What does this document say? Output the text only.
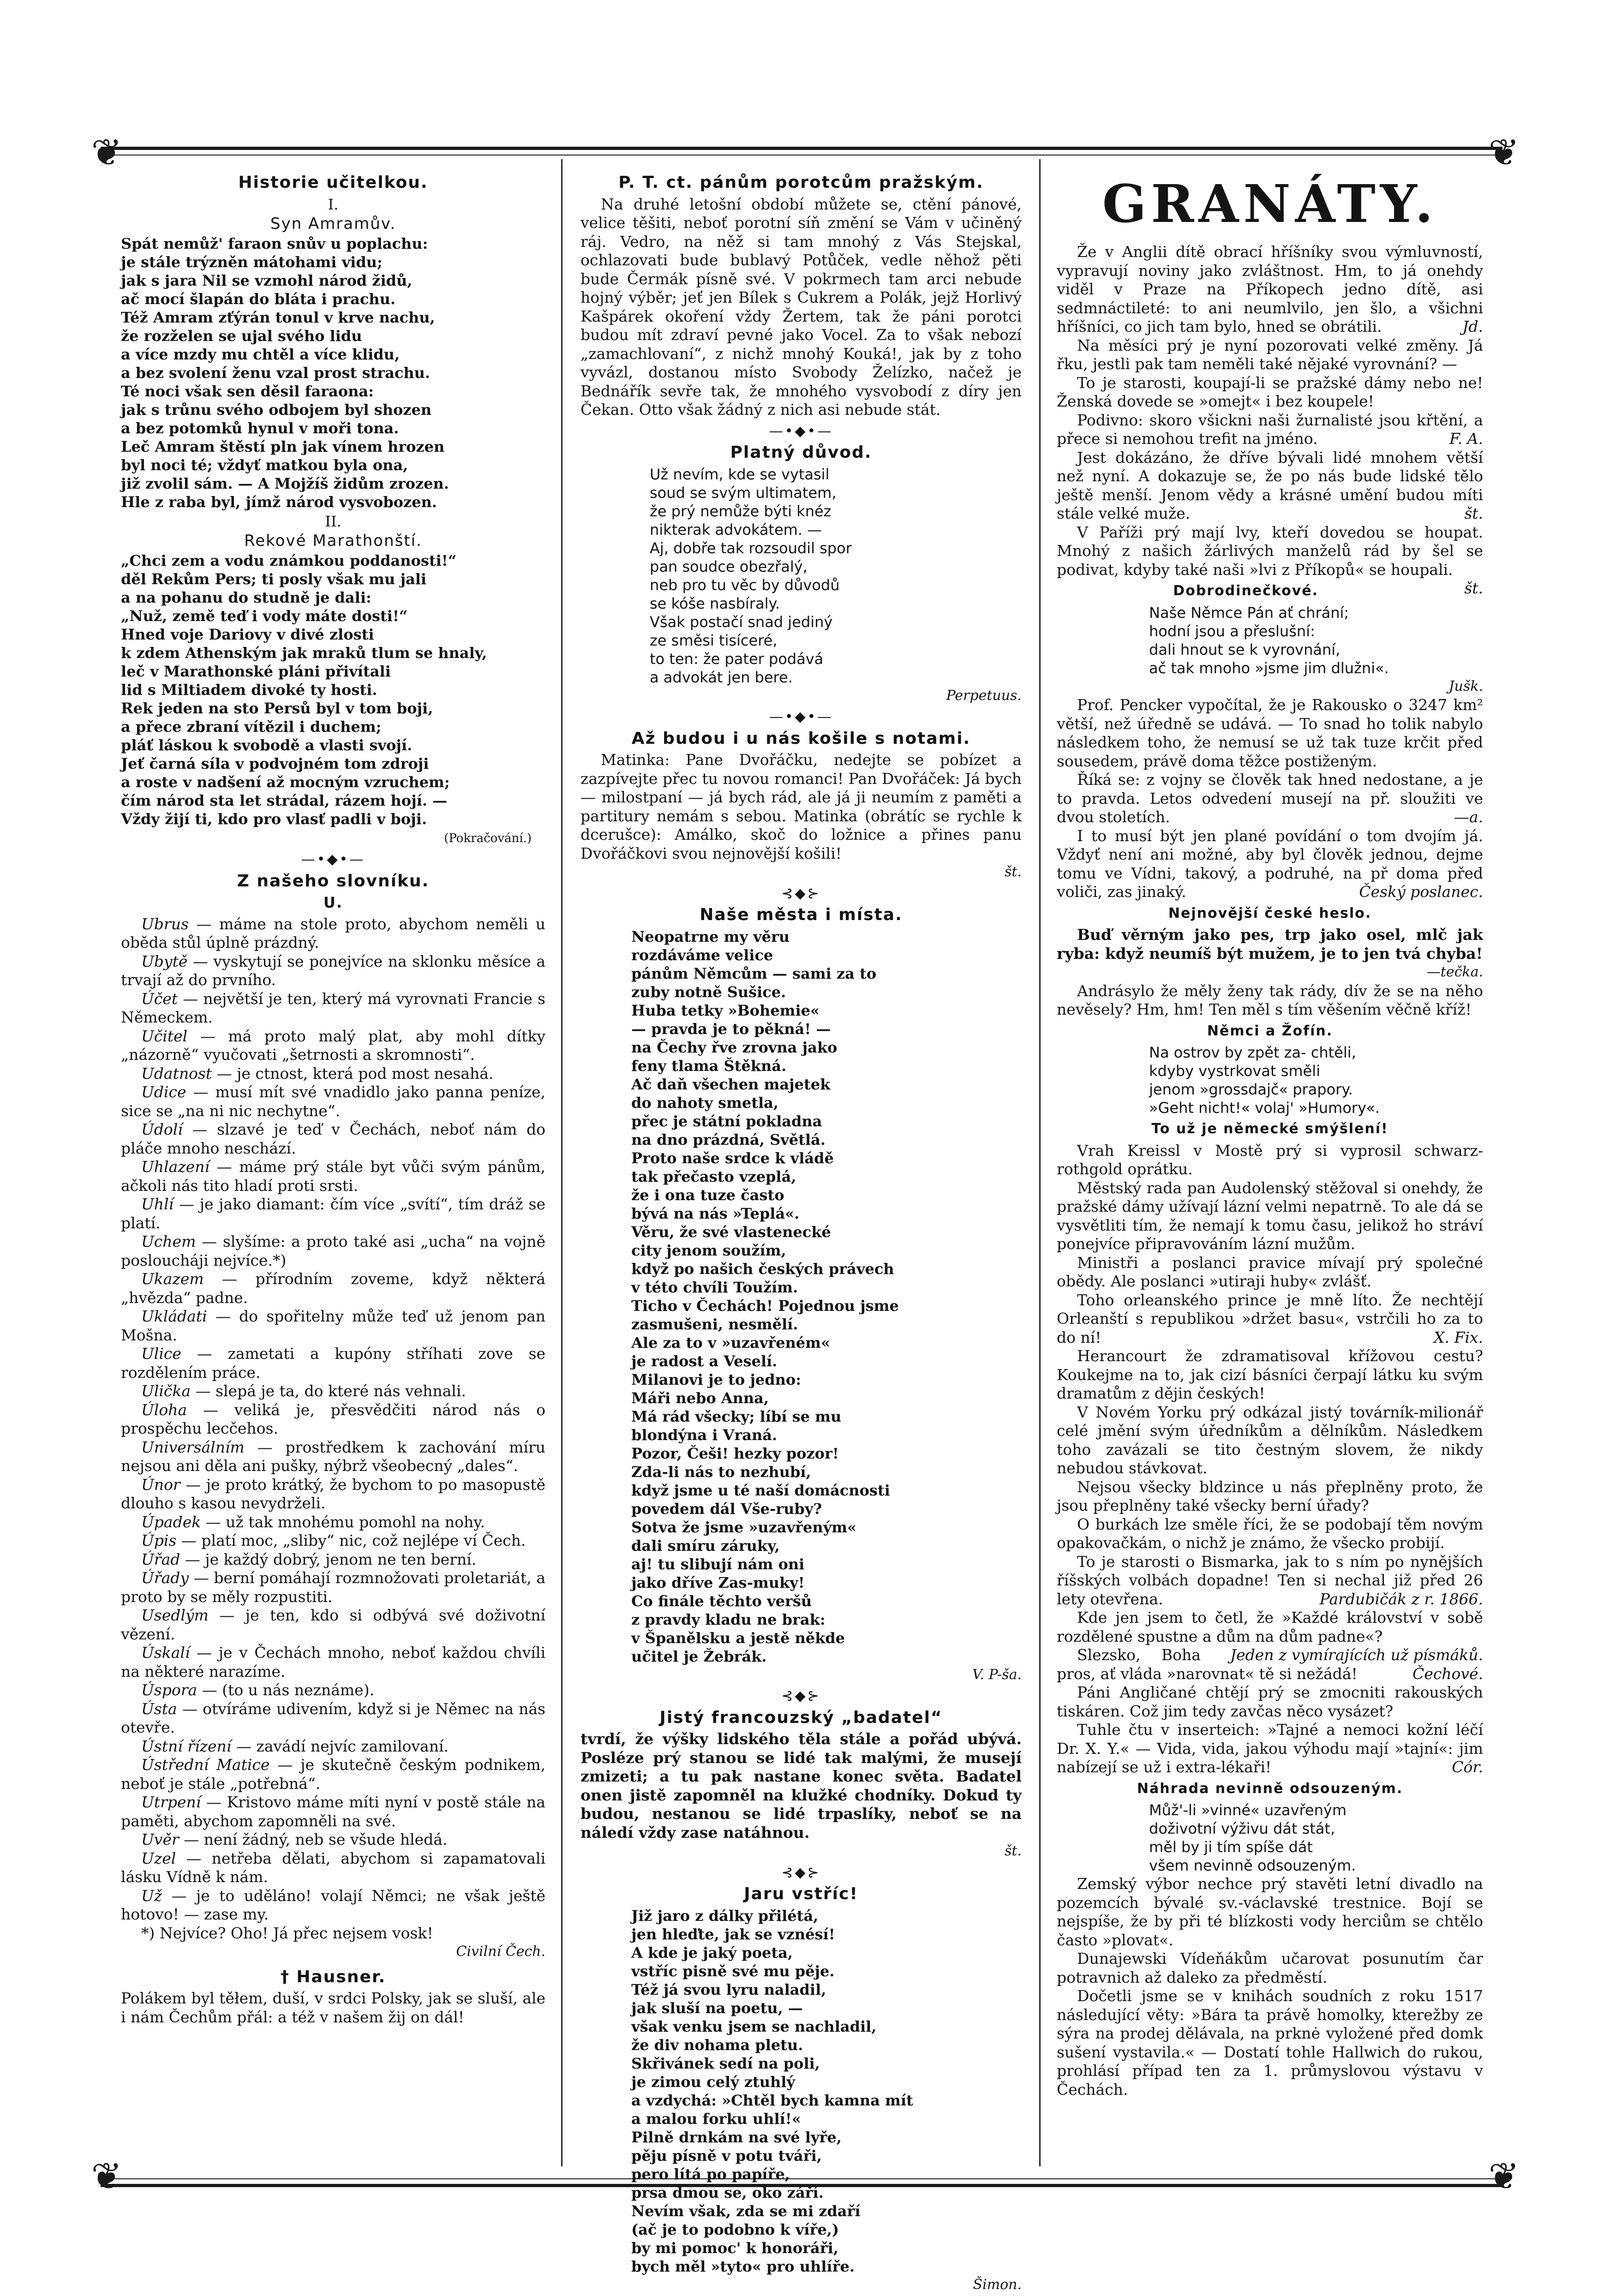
❦	❦
❦	❦
Historie učitelkou.
I.
Syn Amramův.

Spát nemůž' faraon snův u poplachu:

je stále trýzněn mátohami vidu;

jak s jara Nil se vzmohl národ židů,

ač mocí šlapán do bláta i prachu.

Též Amram zťýrán tonul v krve nachu,

že rozželen se ujal svého lidu

a více mzdy mu chtěl a více klidu,

a bez svolení ženu vzal prost strachu.

Té noci však sen děsil faraona:

jak s trůnu svého odbojem byl shozen

a bez potomků hynul v moři tona.

Leč Amram štěstí pln jak vínem hrozen

byl noci té; vždyť matkou byla ona,

již zvolil sám. — A Mojžíš židům zrozen.

Hle z raba byl, jímž národ vysvobozen.

II.
Rekové Marathonští.

„Chci zem a vodu známkou poddanosti!“

děl Rekům Pers; ti posly však mu jali

a na pohanu do studně je dali:

„Nuž, země teď i vody máte dosti!“

Hned voje Dariovy v divé zlosti

k zdem Athenským jak mraků tlum se hnaly,

leč v Marathonské pláni přivítali

lid s Miltiadem divoké ty hosti.

Rek jeden na sto Persů byl v tom boji,

a přece zbraní vítězil i duchem;

pláť láskou k svobodě a vlasti svojí.

Jeť čarná síla v podvojném tom zdroji

a roste v nadšení až mocným vzruchem;

čím národ sta let strádal, rázem hojí. —

Vždy žijí ti, kdo pro vlasť padli v boji.

(Pokračování.)
—•◆•—
Z našeho slovníku.
U.

Ubrus — máme na stole proto, abychom neměli u obědа stůl úplně prázdný.

Ubytě — vyskytují se ponejvíce na sklonku měsíce a trvají až do prvního.

Účet — největší je ten, který má vyrovnati Francie s Německem.

Učitel — má proto malý plat, aby mohl dítky „názorně“ vyučovati „šetrnosti a skromnosti“.

Udatnost — je ctnost, která pod most nesahá.

Udice — musí mít své vnadidlo jako panna peníze, sice se „na ni nic nechytne“.

Údolí — slzavé je teď v Čechách, neboť nám do pláče mnoho neschází.

Uhlazení — máme prý stále byt vůči svým pánům, ačkoli nás tito hladí proti srsti.

Uhlí — je jako diamant: čím více „svítí“, tím dráž se platí.

Uchem — slyšíme: a proto také asi „ucha“ na vojně posloucháji nejvíce.*)

Ukazem — přírodním zoveme, když některá „hvězda“ padne.

Ukládati — do spořitelny může teď už jenom pan Mošna.

Ulice — zametati a kupóny stříhati zove se rozdělením práce.

Ulička — slepá je ta, do které nás vehnali.

Úloha — veliká je, přesvědčiti národ nás o prospěchu lecčehos.

Universálním — prostředkem k zachování míru nejsou ani děla ani pušky, nýbrž všeobecný „dales“.

Únor — je proto krátký, že bychom to po masopustě dlouho s kasou nevydrželi.

Úpadek — už tak mnohému pomohl na nohy.

Úpis — platí moc, „sliby“ nic, což nejlépe ví Čech.

Úřad — je každý dobrý, jenom ne ten berní.

Úřady — berní pomáhají rozmnožovati proletariát, a proto by se měly rozpustiti.

Usedlým — je ten, kdo si odbývá své doživotní vězení.

Úskalí — je v Čechách mnoho, neboť každou chvíli na některé narazíme.

Úspora — (to u nás neznáme).

Ústa — otvíráme udivením, když si je Němec na nás otevře.

Ústní řízení — zavádí nejvíc zamilovaní.

Ústřední Matice — je skutečně českým podnikem, neboť je stále „potřebná“.

Utrpení — Kristovo máme míti nyní v postě stále na paměti, abychom zapomněli na své.

Uvěr — není žádný, neb se všude hledá.

Uzel — netřeba dělati, abychom si zapamatovali lásku Vídně k nám.

Už — je to uděláno! volají Němci; ne však ještě hotovo! — zase my.

*) Nejvíce? Oho! Já přec nejsem vosk!

Civilní Čech.
† Hausner.

Polákem byl těłem, duší, v srdci Polsky, jak se sluší, ale i nám Čechům přál: a též v našem žij on dál!

P. T. ct. pánům porotcům pražským.

Na druhé letošní období můžete se, ctění pánové, velice těšiti, neboť porotní síň změní se Vám v učiněný ráj. Vedro, na něž si tam mnohý z Vás Stejskal, ochlazovati bude bublavý Potůček, vedle něhož pěti bude Čermák písně své. V pokrmech tam arci nebude hojný výběr; jeť jen Bílek s Cukrem a Polák, jejž Horlivý Kašpárek okoření vždy Žertem, tak že páni porotci budou mít zdraví pevné jako Vocel. Za to však nebozí „zamachlovaní“, z nichž mnohý Kouká!, jak by z toho vyvázl, dostanou místo Svobody Želízko, načež je Bednářík sevře tak, že mnohého vysvobodí z díry jen Čekan. Otto však žádný z nich asi nebude stát.

—•◆•—
Platný důvod.

Už nevím, kde se vytasil

soud se svým ultimatem,

že prý nemůže býti knéz

nikterak advokátem. —

Aj, dobře tak rozsoudil spor

pan soudce obezřalý,

neb pro tu věc by důvodů

se kóše nasbíraly.

Však postačí snad jediný

ze směsi tisíceré,

to ten: že pater podává

a advokát jen bere.

Perpetuus.
—•◆•—
Až budou i u nás košile s notami.

Matinka: Pane Dvořáčku, nedejte se pobízet a zazpívejte přec tu novou romanci! Pan Dvořáček: Já bych — milostpaní — já bych rád, ale já ji neumím z paměti a partitury nemám s sebou. Matinka (obrátíc se rychle k dcerušce): Amálko, skoč do ložnice a přines panu Dvořáčkovi svou nejnovější košili!

št.
⊰◆⊱
Naše města i místa.

Neopatrne my věru

rozdáváme velice

pánům Němcům — sami za to

zuby notně Sušice.

Huba tetky »Bohemie«

— pravda je to pěkná! —

na Čechy řve zrovna jako

feny tlama Štěkná.

Ač daň všechen majetek

do nahoty smetla,

přec je státní pokladna

na dno prázdná, Světlá.

Proto naše srdce k vládě

tak přečasto vzeplá,

že i ona tuze často

bývá na nás »Teplá«.

Věru, že své vlastenecké

city jenom soužím,

když po našich českých právech

v této chvíli Toužím.

Ticho v Čechách! Pojednou jsme

zasmušeni, nesmělí.

Ale za to v »uzavřeném«

je radost a Veselí.

Milanovi je to jedno:

Máři nebo Anna,

Má rád všecky; líbí se mu

blondýna i Vraná.

Pozor, Češi! hezky pozor!

Zda-li nás to nezhubí,

když jsme u té naší domácnosti

povedem dál Vše-ruby?

Sotva že jsme »uzavřeným«

dali smíru záruky,

aj! tu slibují nám oni

jako dříve Zas-muky!

Co finále těchto veršů

z pravdy kladu ne brak:

v Španělsku a jestě někde

učitel je Žebrák.

V. P-ša.
⊰◆⊱
Jistý francouzský „badatel“

tvrdí, že výšky lidského těla stále a pořád ubývá. Posléze prý stanou se lidé tak malými, že musejí zmizeti; a tu pak nastane konec světa. Badatel onen jistě zapomněl na klužké chodníky. Dokud ty budou, nestanou se lidé trpaslíky, neboť se na náledí vždy zase natáhnou.

št.
⊰◆⊱
Jaru vstříc!

Již jaro z dálky přilétá,

jen hleďte, jak se vznésí!

A kde je jaký poeta,

vstříc pisně své mu pěje.

Též já svou lyru naladil,

jak sluší na poetu, —

však venku jsem se nachladil,

že div nohama pletu.

Skřivánek sedí na poli,

je zimou celý ztuhlý

a vzdychá: »Chtěl bych kamna mít

a malou forku uhlí!«

Pilně drnkám na své lyře,

pěju písně v potu tváři,

pero lítá po papíře,

prsa dmou se, oko září.

Nevím však, zda se mi zdaří

(ač je to podobno k víře,)

by mi pomoc' k honoráři,

bych měl »tyto« pro uhlíře.

Šimon.
GRANÁTY.

Že v Anglii dítě obrací hříšníky svou výmluvností, vypravují noviny jako zvláštnost. Hm, to já onehdy viděl v Praze na Příkopech jedno dítě, asi sedmnáctileté: to ani neumlvilo, jen šlo, a všichni hříšníci, co jich tam bylo, hned se obrátili.	Jd.

Na měsíci prý je nyní pozorovati velké změny. Já řku, jestli pak tam neměli také nějaké vyrovnání? —

To je starosti, koupají-li se pražské dámy nebo ne! Ženská dovede se »omejt« i bez koupele!

Podivno: skoro všickni naši žurnalisté jsou křtění, a přece si nemohou trefit na jméno.	F. A.

Jest dokázáno, že dříve bývali lidé mnohem větší než nyní. A dokazuje se, že po nás bude lidské tělo ještě menší. Jenom vědy a krásné umění budou míti stále velké muže.	št.

V Paříži prý mají lvy, kteří dovedou se houpat. Mnohý z našich žárlivých manželů rád by šel se podivat, kdyby také naši »lvi z Příkopů« se houpali.
št.

Dobrodinečkové.

Naše Němce Pán ať chrání;

hodní jsou a přeslušní:

dali hnout se k vyrovnání,

ač tak mnoho »jsme jim dlužni«.

Jušk.

Prof. Pencker vypočítal, že je Rakousko o 3247 km² větší, než úředně se udává. — To snad ho tolik nabylo následkem toho, že nemusí se už tak tuze krčit před sousedem, právě doma těžce postiženým.

Říká se: z vojny se člověk tak hned nedostane, a je to pravda. Letos odvedení musejí na př. sloužiti ve dvou stoletích.	—a.

I to musí být jen plané povídání o tom dvojím já. Vždyť není ani možné, aby byl člověk jednou, dejme tomu ve Vídni, takový, a podruhé, na př doma před voliči, zas jinaký.	Český poslanec.

Nejnovější české heslo.

Buď věrným jako pes, trp jako osel, mlč jak ryba: když neumíš být mužem, je to jen tvá chyba!

—tečka.

Andrásylo že měly ženy tak rády, dív že se na něho nevěsely? Hm, hm! Ten měl s tím věšením věčně kříž!

Němci a Žofín.

Na ostrov by zpět za- chtěli,

kdyby vystrkovat směli

jenom »grossdajč« prapory.

»Geht nicht!« volaj' »Humory«.

To už je německé smýšlení!

Vrah Kreissl v Mostě prý si vyprosil schwarz-rothgold oprátku.

Městský rada pan Audolenský stěžoval si onehdy, že pražské dámy užívají lázní velmi nepatrně. To ale dá se vysvětliti tím, že nemají k tomu času, jelikož ho stráví ponejvíce připravováním lázní mužům.

Ministři a poslanci pravice mívají prý společné obědy. Ale poslanci »utiraji huby« zvlášť.

Toho orleanského prince je mně líto. Že nechtějí Orleanští s republikou »držet basu«, vstrčili ho za to do ní!	X. Fix.

Herancourt že zdramatisoval křížovou cestu? Koukejme na to, jak cizí básníci čerpají látku ku svým dramatům z dějin českých!

V Novém Yorku prý odkázal jistý továrník-milionář celé jmění svým úředníkům a dělníkům. Následkem toho zavázali se tito čestným slovem, že nikdy nebudou stávkovat.

Nejsou všecky bldzince u nás přeplněny proto, že jsou přeplněny také všecky berní úřady?

O burkách lze směle říci, že se podobají těm novým opakovačkám, o nichž je známo, že všecko probijí.

To je starosti o Bismarka, jak to s ním po nynějších říšských volbách dopadne! Ten si nechal již před 26 lety otevřena.	Pardubičák z r. 1866.

Kde jen jsem to četl, že »Každé království v sobě rozdělené spustne a dům na dům padne«?
Jeden z vymírajících už písmáků.

Slezsko, Boha pros, ať vláda »narovnat« tě si nežádá!	Čechové.

Páni Angličané chtějí prý se zmocniti rakouských tiskáren. Což jim tedy zavčas něco vysázet?

Tuhle čtu v inserteich: »Tajné a nemoci kožní léčí Dr. X. Y.« — Vida, vida, jakou výhodu mají »tajní«: jim nabízejí se už i extra-lékaři!	Cór.

Náhrada nevinně odsouzeným.

Můž'-li »vinné« uzavřeným

doživotní výživu dát stát,

měl by ji tím spíše dát

všem nevinně odsouzeným.

Zemský výbor nechce prý stavěti letní divadlo na pozemcích bývalé sv.-václavské trestnice. Bojí se nejspíše, že by při té blízkosti vody herciům se chtělo často »plovat«.

Dunajewski Vídeňákům učarovat posunutím čar potravnich až daleko za předměstí.

Dočetli jsme se v knihách soudních z roku 1517 následující věty: »Bára ta právě homolky, kterežby ze sýra na prodej dělávala, na prknė vyložené před domk sušení vystavila.« — Dostatí tohle Hallwich do rukou, prohlásí případ ten za 1. průmyslovou výstavu v Čechách.
